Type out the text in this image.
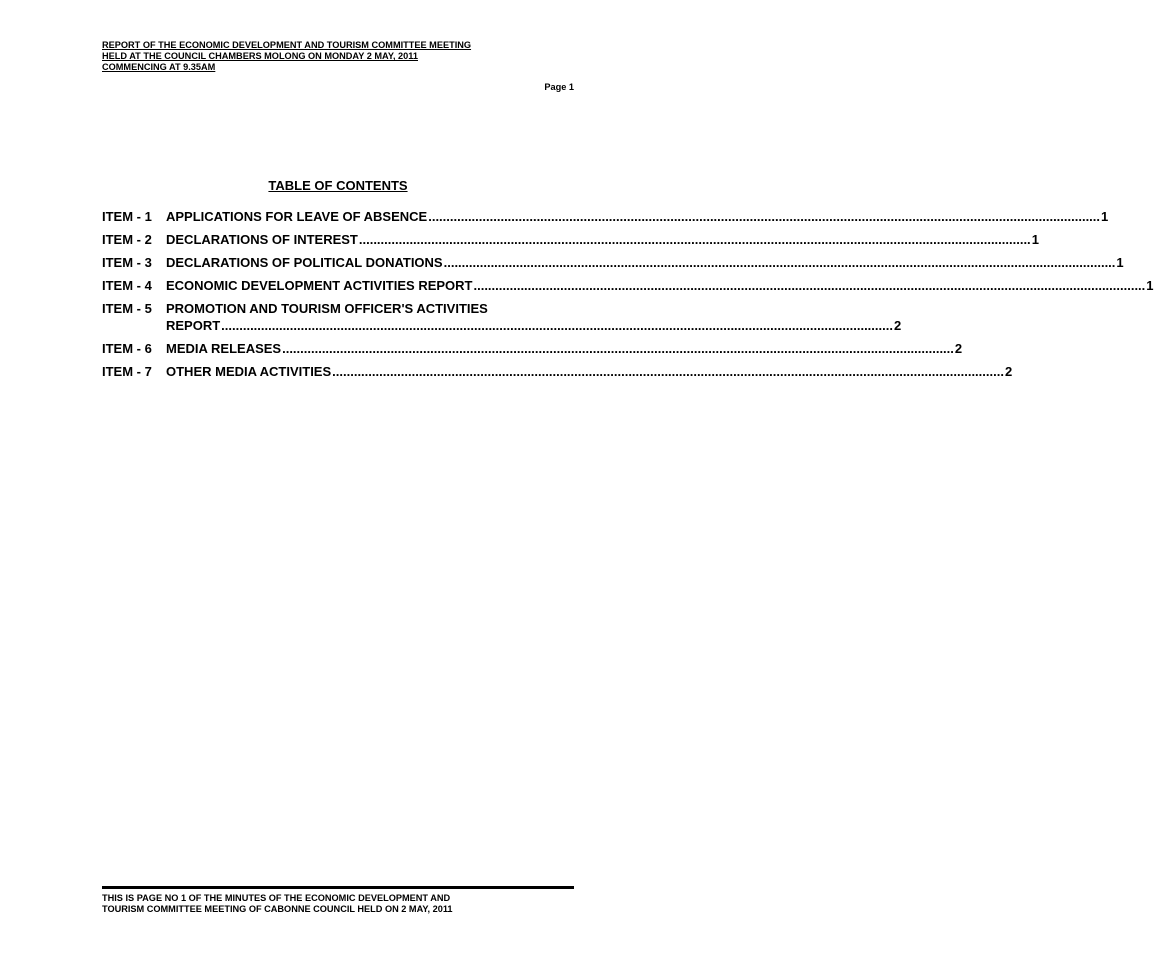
REPORT OF THE ECONOMIC DEVELOPMENT AND TOURISM COMMITTEE MEETING

HELD AT THE COUNCIL CHAMBERS MOLONG ON MONDAY 2 MAY, 2011

COMMENCING AT 9.35AM

Page 1
TABLE OF CONTENTS
ITEM - 1	APPLICATIONS FOR LEAVE OF ABSENCE .....	1
ITEM - 2	DECLARATIONS OF INTEREST .....	1
ITEM - 3	DECLARATIONS OF POLITICAL DONATIONS .....	1
ITEM - 4	ECONOMIC DEVELOPMENT ACTIVITIES REPORT .....	1
ITEM - 5	PROMOTION AND TOURISM OFFICER'S ACTIVITIES
REPORT .....	2
ITEM - 6	MEDIA RELEASES .....	2
ITEM - 7	OTHER MEDIA ACTIVITIES .....	2

THIS IS PAGE NO 1 OF THE MINUTES OF THE ECONOMIC DEVELOPMENT AND

TOURISM COMMITTEE MEETING OF CABONNE COUNCIL HELD ON 2 MAY, 2011
